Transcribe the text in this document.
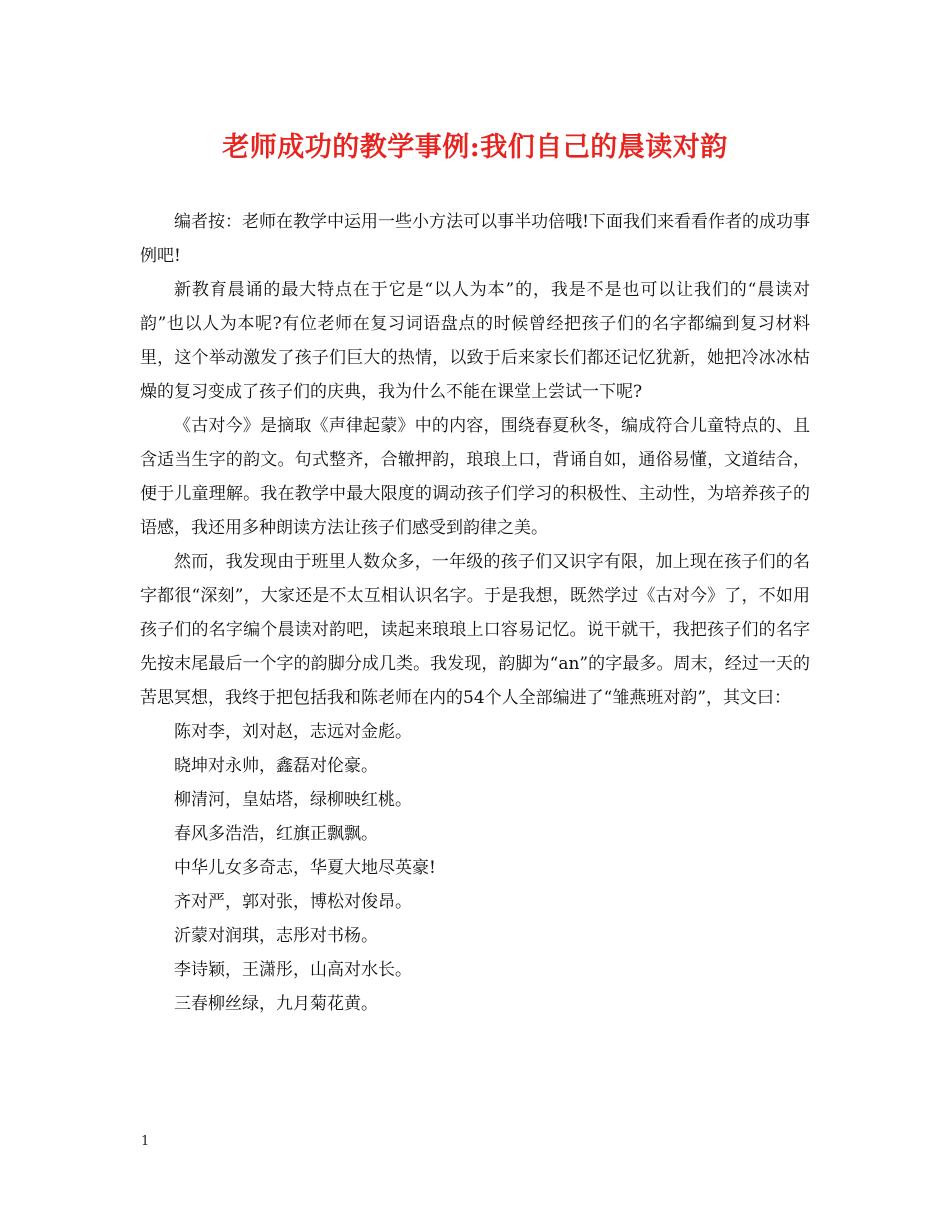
老师成功的教学事例:我们自己的晨读对韵

编者按：老师在教学中运用一些小方法可以事半功倍哦!下面我们来看看作者的成功事例吧!

新教育晨诵的最大特点在于它是“以人为本”的，我是不是也可以让我们的“晨读对韵”也以人为本呢?有位老师在复习词语盘点的时候曾经把孩子们的名字都编到复习材料里，这个举动激发了孩子们巨大的热情，以致于后来家长们都还记忆犹新，她把冷冰冰枯燥的复习变成了孩子们的庆典，我为什么不能在课堂上尝试一下呢?

《古对今》是摘取《声律起蒙》中的内容，围绕春夏秋冬，编成符合儿童特点的、且含适当生字的韵文。句式整齐，合辙押韵，琅琅上口，背诵自如，通俗易懂，文道结合，便于儿童理解。我在教学中最大限度的调动孩子们学习的积极性、主动性，为培养孩子的语感，我还用多种朗读方法让孩子们感受到韵律之美。

然而，我发现由于班里人数众多，一年级的孩子们又识字有限，加上现在孩子们的名字都很“深刻”，大家还是不太互相认识名字。于是我想，既然学过《古对今》了，不如用孩子们的名字编个晨读对韵吧，读起来琅琅上口容易记忆。说干就干，我把孩子们的名字先按末尾最后一个字的韵脚分成几类。我发现，韵脚为“an”的字最多。周末，经过一天的苦思冥想，我终于把包括我和陈老师在内的54个人全部编进了“雏燕班对韵”，其文曰：

陈对李，刘对赵，志远对金彪。

晓坤对永帅，鑫磊对伦豪。

柳清河，皇姑塔，绿柳映红桃。

春风多浩浩，红旗正飘飘。

中华儿女多奇志，华夏大地尽英豪!

齐对严，郭对张，博松对俊昂。

沂蒙对润琪，志彤对书杨。

李诗颖，王潇彤，山高对水长。

三春柳丝绿，九月菊花黄。

1
